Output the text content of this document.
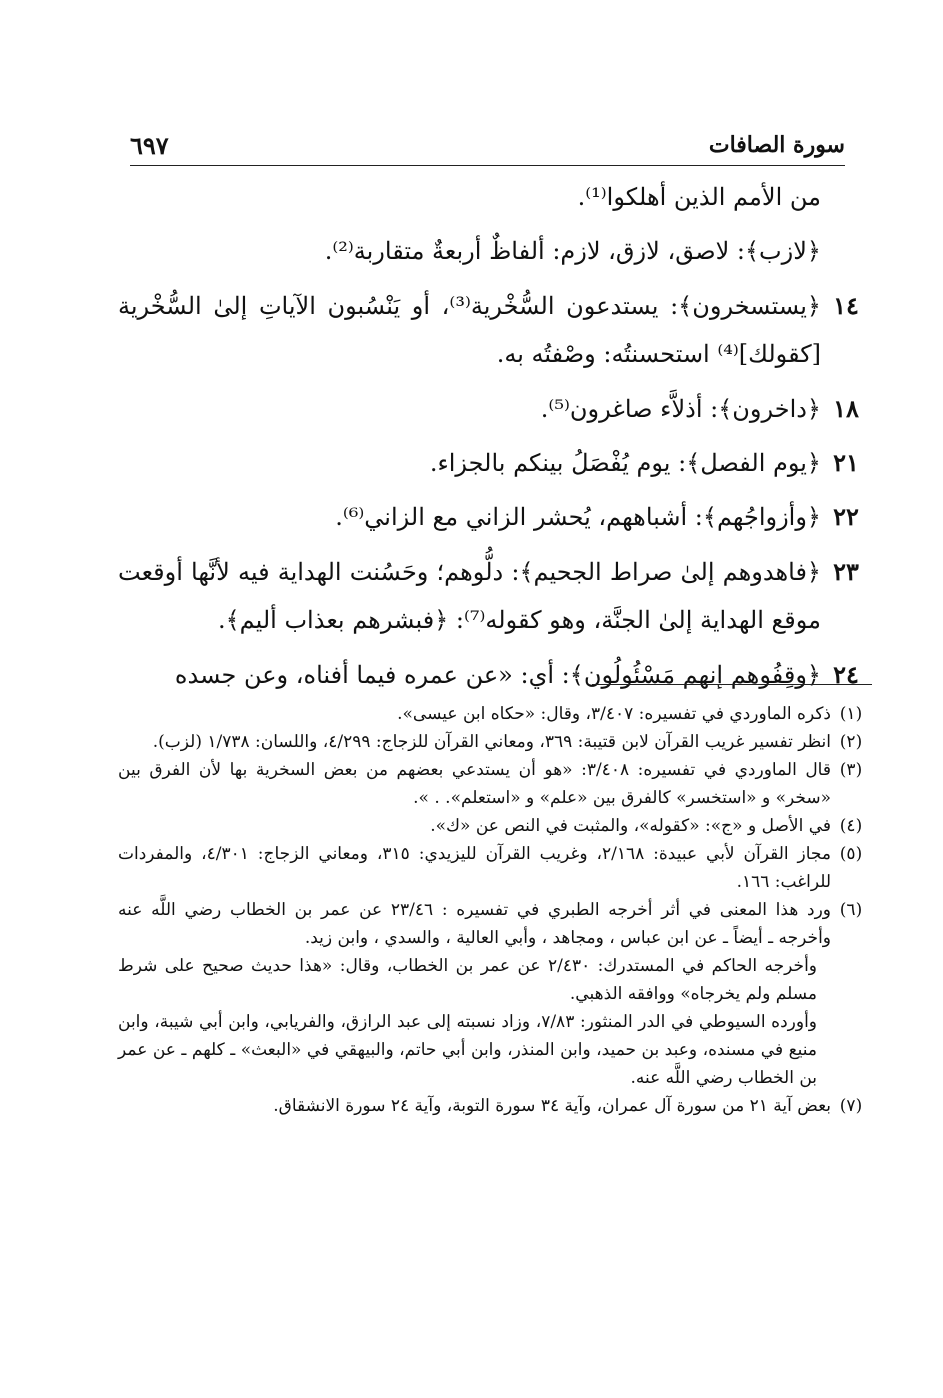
سورة الصافات
٦٩٧
من الأمم الذين أهلكوا⁽¹⁾.
﴿لازب﴾: لاصق، لازق، لازم: ألفاظٌ أربعةٌ متقاربة⁽²⁾.
١٤
﴿يستسخرون﴾: يستدعون السُّخْرية⁽³⁾، أو يَنْسُبون الآياتِ إلىٰ السُّخْرية [كقولك]⁽⁴⁾ استحسنتُه: وصْفتُه به.
١٨
﴿داخرون﴾: أذلاَّء صاغرون⁽⁵⁾.
٢١
﴿يوم الفصل﴾: يوم يُفْصَلُ بينكم بالجزاء.
٢٢
﴿وأزواجُهم﴾: أشباههم، يُحشر الزاني مع الزاني⁽⁶⁾.
٢٣
﴿فاهدوهم إلىٰ صراط الجحيم﴾: دلُّوهم؛ وحَسُنت الهداية فيه لأنَّها أوقعت موقع الهداية إلىٰ الجنَّة، وهو كقوله⁽⁷⁾: ﴿فبشرهم بعذاب أليم﴾.
٢٤
﴿وقِفُوهم إنهم مَسْئُولُون﴾: أي: «عن عمره فيما أفناه، وعن جسده
(١)
ذكره الماوردي في تفسيره: ٣/٤٠٧، وقال: «حكاه ابن عيسى».
(٢)
انظر تفسير غريب القرآن لابن قتيبة: ٣٦٩، ومعاني القرآن للزجاج: ٤/٢٩٩، واللسان: ١/٧٣٨ (لزب).
(٣)
قال الماوردي في تفسيره: ٣/٤٠٨: «هو أن يستدعي بعضهم من بعض السخرية بها لأن الفرق بين «سخر» و «استخسر» كالفرق بين «علم» و «استعلم». . ».
(٤)
في الأصل و «ج»: «كقوله»، والمثبت في النص عن «ك».
(٥)
مجاز القرآن لأبي عبيدة: ٢/١٦٨، وغريب القرآن لليزيدي: ٣١٥، ومعاني الزجاج: ٤/٣٠١، والمفردات للراغب: ١٦٦.
(٦)
ورد هذا المعنى في أثر أخرجه الطبري في تفسيره : ٢٣/٤٦ عن عمر بن الخطاب رضي اللَّه عنه وأخرجه ـ أيضاً ـ عن ابن عباس ، ومجاهد ، وأبي العالية ، والسدي ، وابن زيد.
وأخرجه الحاكم في المستدرك: ٢/٤٣٠ عن عمر بن الخطاب، وقال: «هذا حديث صحيح على شرط مسلم ولم يخرجاه» ووافقه الذهبي.
وأورده السيوطي في الدر المنثور: ٧/٨٣، وزاد نسبته إلى عبد الرازق، والفريابي، وابن أبي شيبة، وابن منيع في مسنده، وعبد بن حميد، وابن المنذر، وابن أبي حاتم، والبيهقي في «البعث» ـ كلهم ـ عن عمر بن الخطاب رضي اللَّه عنه.
(٧)
بعض آية ٢١ من سورة آل عمران، وآية ٣٤ سورة التوبة، وآية ٢٤ سورة الانشقاق.
